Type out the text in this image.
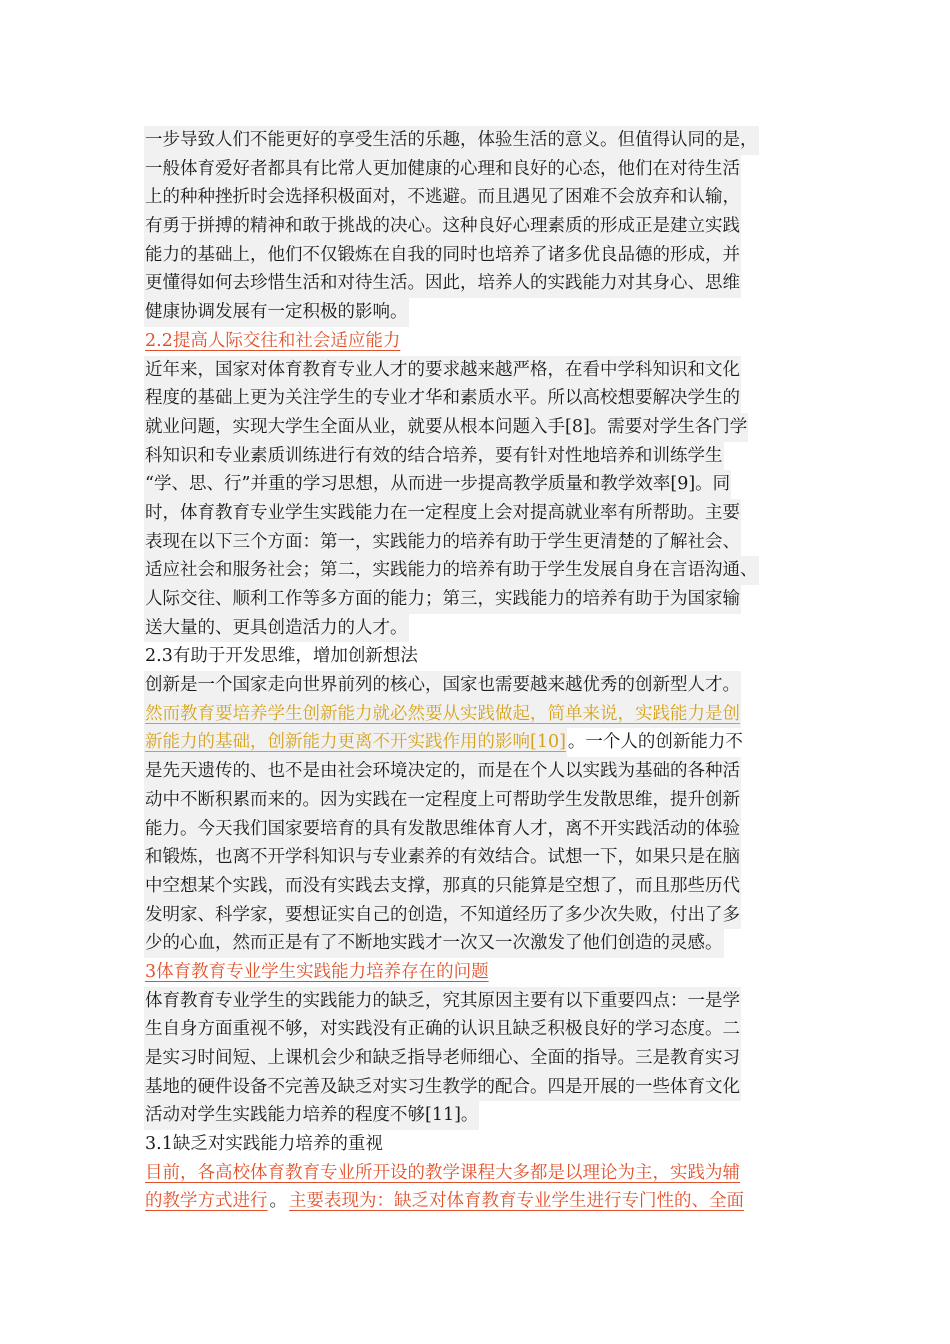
一步导致人们不能更好的享受生活的乐趣，体验生活的意义。但值得认同的是，
一般体育爱好者都具有比常人更加健康的心理和良好的心态，他们在对待生活
上的种种挫折时会选择积极面对，不逃避。而且遇见了困难不会放弃和认输，
有勇于拼搏的精神和敢于挑战的决心。这种良好心理素质的形成正是建立实践
能力的基础上，他们不仅锻炼在自我的同时也培养了诸多优良品德的形成，并
更懂得如何去珍惜生活和对待生活。因此，培养人的实践能力对其身心、思维
健康协调发展有一定积极的影响。
2.2提高人际交往和社会适应能力
近年来，国家对体育教育专业人才的要求越来越严格，在看中学科知识和文化
程度的基础上更为关注学生的专业才华和素质水平。所以高校想要解决学生的
就业问题，实现大学生全面从业，就要从根本问题入手[8]。需要对学生各门学
科知识和专业素质训练进行有效的结合培养，要有针对性地培养和训练学生
“学、思、行”并重的学习思想，从而进一步提高教学质量和教学效率[9]。同
时，体育教育专业学生实践能力在一定程度上会对提高就业率有所帮助。主要
表现在以下三个方面：第一，实践能力的培养有助于学生更清楚的了解社会、
适应社会和服务社会；第二，实践能力的培养有助于学生发展自身在言语沟通、
人际交往、顺利工作等多方面的能力；第三，实践能力的培养有助于为国家输
送大量的、更具创造活力的人才。
2.3有助于开发思维，增加创新想法
创新是一个国家走向世界前列的核心，国家也需要越来越优秀的创新型人才。
然而教育要培养学生创新能力就必然要从实践做起，简单来说，实践能力是创
新能力的基础，创新能力更离不开实践作用的影响[10] 。一个人的创新能力不
是先天遗传的、也不是由社会环境决定的，而是在个人以实践为基础的各种活
动中不断积累而来的。因为实践在一定程度上可帮助学生发散思维，提升创新
能力。今天我们国家要培育的具有发散思维体育人才，离不开实践活动的体验
和锻炼，也离不开学科知识与专业素养的有效结合。试想一下，如果只是在脑
中空想某个实践，而没有实践去支撑，那真的只能算是空想了，而且那些历代
发明家、科学家，要想证实自己的创造，不知道经历了多少次失败，付出了多
少的心血，然而正是有了不断地实践才一次又一次激发了他们创造的灵感。
3体育教育专业学生实践能力培养存在的问题
体育教育专业学生的实践能力的缺乏，究其原因主要有以下重要四点：一是学
生自身方面重视不够，对实践没有正确的认识且缺乏积极良好的学习态度。二
是实习时间短、上课机会少和缺乏指导老师细心、全面的指导。三是教育实习
基地的硬件设备不完善及缺乏对实习生教学的配合。四是开展的一些体育文化
活动对学生实践能力培养的程度不够[11]。
3.1缺乏对实践能力培养的重视
目前，各高校体育教育专业所开设的教学课程大多都是以理论为主，实践为辅
的教学方式进行 。 主要表现为：缺乏对体育教育专业学生进行专门性的、全面
